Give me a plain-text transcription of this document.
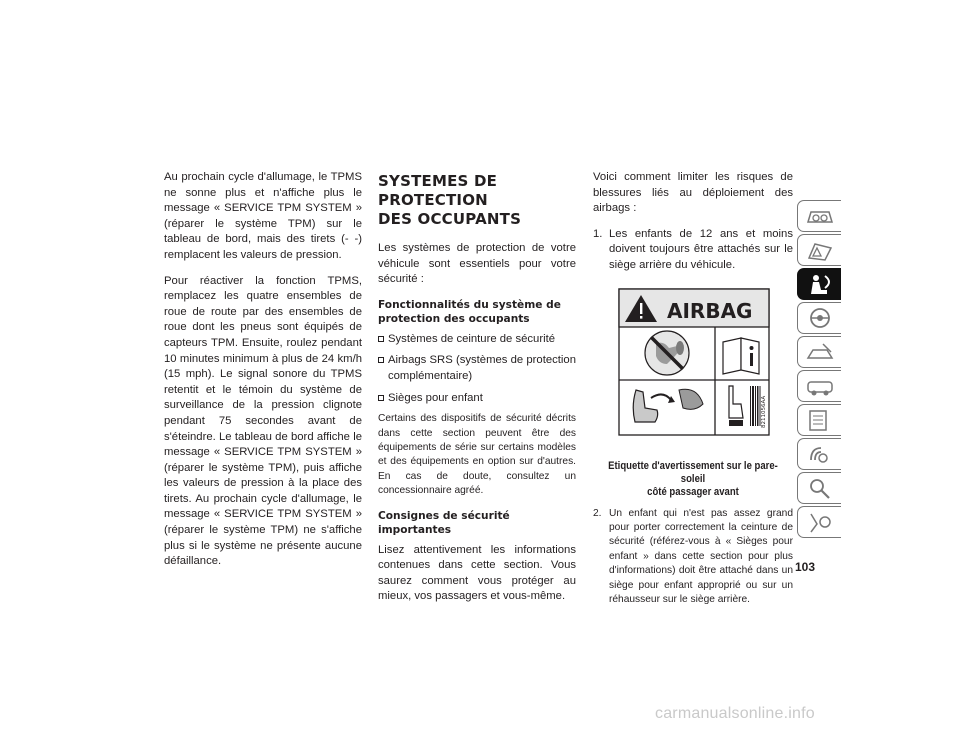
Au prochain cycle d'allumage, le TPMS ne sonne plus et n'affiche plus le message « SERVICE TPM SYSTEM » (réparer le système TPM) sur le tableau de bord, mais des tirets (- -) remplacent les valeurs de pression.

Pour réactiver la fonction TPMS, remplacez les quatre ensembles de roue de route par des ensembles de roue dont les pneus sont équipés de capteurs TPM. Ensuite, roulez pendant 10 minutes minimum à plus de 24 km/h (15 mph). Le signal sonore du TPMS retentit et le témoin du système de surveillance de la pression clignote pendant 75 secondes avant de s'éteindre. Le tableau de bord affiche le message « SERVICE TPM SYSTEM » (réparer le système TPM), puis affiche les valeurs de pression à la place des tirets. Au prochain cycle d'allumage, le message « SERVICE TPM SYSTEM » (réparer le système TPM) ne s'affiche plus si le système ne présente aucune défaillance.

SYSTEMES DE PROTECTION
DES OCCUPANTS

Les systèmes de protection de votre véhicule sont essentiels pour votre sécurité :

Fonctionnalités du système de protection des occupants
Systèmes de ceinture de sécurité
Airbags SRS (systèmes de protection complémentaire)
Sièges pour enfant

Certains des dispositifs de sécurité décrits dans cette section peuvent être des équipements de série sur certains modèles et des équipements en option sur d'autres. En cas de doute, consultez un concessionnaire agréé.

Consignes de sécurité importantes

Lisez attentivement les informations contenues dans cette section. Vous saurez comment vous protéger au mieux, vos passagers et vous-même.

Voici comment limiter les risques de blessures liés au déploiement des airbags :

1. Les enfants de 12 ans et moins doivent toujours être attachés sur le siège arrière du véhicule.
AIRBAG
8211056AA
Etiquette d'avertissement sur le pare-soleil
côté passager avant
2. Un enfant qui n'est pas assez grand pour porter correctement la ceinture de sécurité (référez-vous à « Sièges pour enfant » dans cette section pour plus d'informations) doit être attaché dans un siège pour enfant approprié ou sur un réhausseur sur le siège arrière.
103
carmanualsonline.info
